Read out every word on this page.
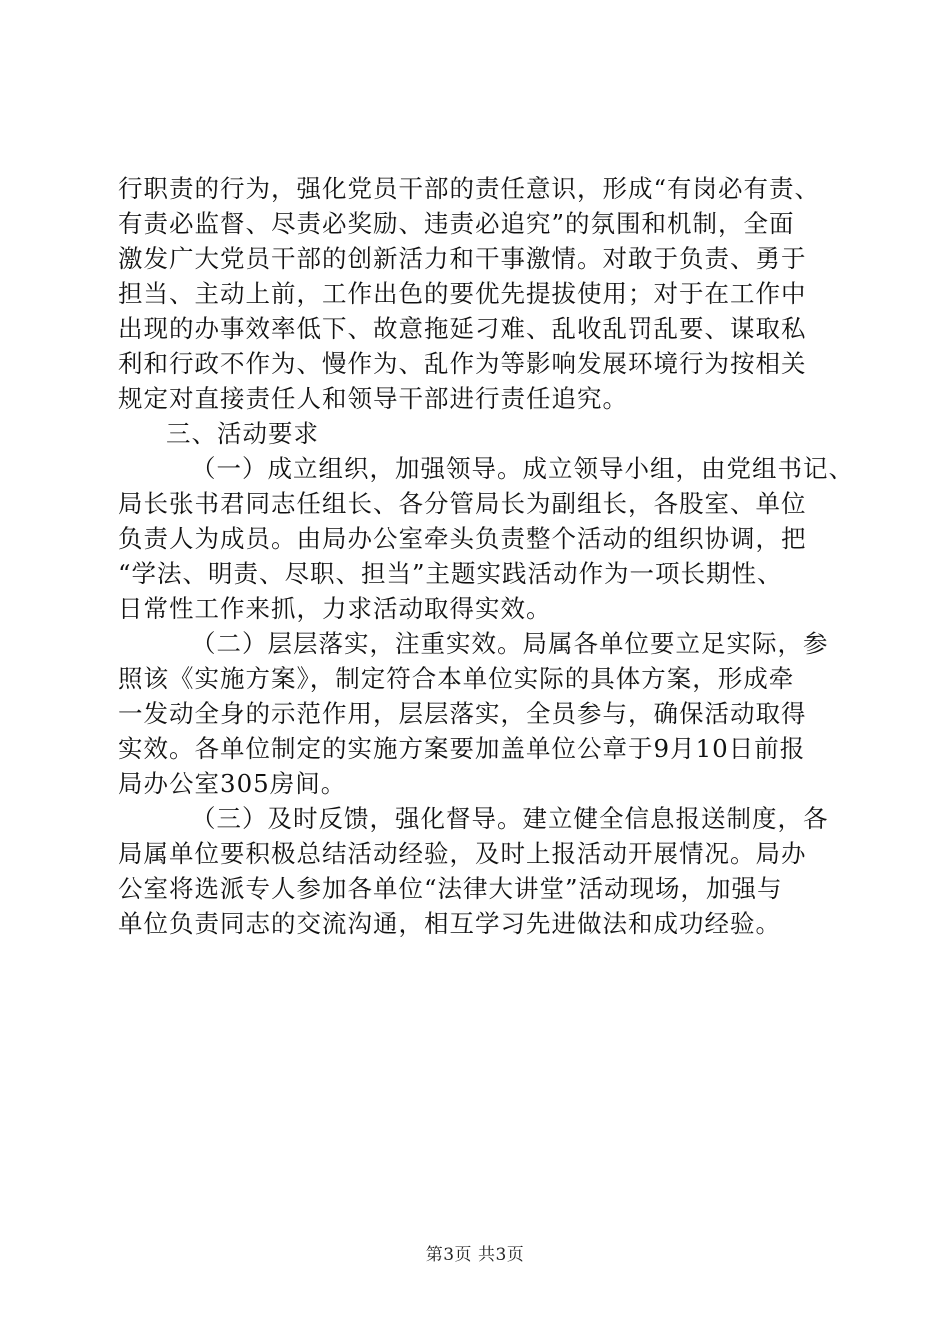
行职责的行为，强化党员干部的责任意识，形成“有岗必有责、
有责必监督、尽责必奖励、违责必追究”的氛围和机制，全面
激发广大党员干部的创新活力和干事激情。对敢于负责、勇于
担当、主动上前，工作出色的要优先提拔使用；对于在工作中
出现的办事效率低下、故意拖延刁难、乱收乱罚乱要、谋取私
利和行政不作为、慢作为、乱作为等影响发展环境行为按相关
规定对直接责任人和领导干部进行责任追究。
三、活动要求
（一）成立组织，加强领导。成立领导小组，由党组书记、
局长张书君同志任组长、各分管局长为副组长，各股室、单位
负责人为成员。由局办公室牵头负责整个活动的组织协调，把
“学法、明责、尽职、担当”主题实践活动作为一项长期性、
日常性工作来抓，力求活动取得实效。
（二）层层落实，注重实效。局属各单位要立足实际，参
照该《实施方案》，制定符合本单位实际的具体方案，形成牵
一发动全身的示范作用，层层落实，全员参与，确保活动取得
实效。各单位制定的实施方案要加盖单位公章于9月10日前报
局办公室305房间。
（三）及时反馈，强化督导。建立健全信息报送制度，各
局属单位要积极总结活动经验，及时上报活动开展情况。局办
公室将选派专人参加各单位“法律大讲堂”活动现场，加强与
单位负责同志的交流沟通，相互学习先进做法和成功经验。
第3页 共3页
